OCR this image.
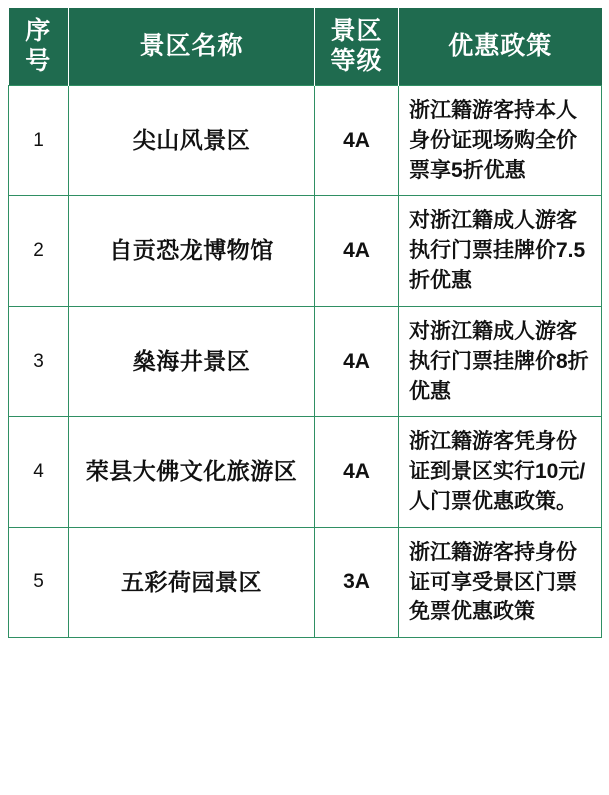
序号	景区名称	景区等级	优惠政策
1	尖山风景区	4A	浙江籍游客持本人身份证现场购全价票享5折优惠
2	自贡恐龙博物馆	4A	对浙江籍成人游客执行门票挂牌价7.5折优惠
3	燊海井景区	4A	对浙江籍成人游客执行门票挂牌价8折优惠
4	荣县大佛文化旅游区	4A	浙江籍游客凭身份证到景区实行10元/人门票优惠政策。
5	五彩荷园景区	3A	浙江籍游客持身份证可享受景区门票免票优惠政策
